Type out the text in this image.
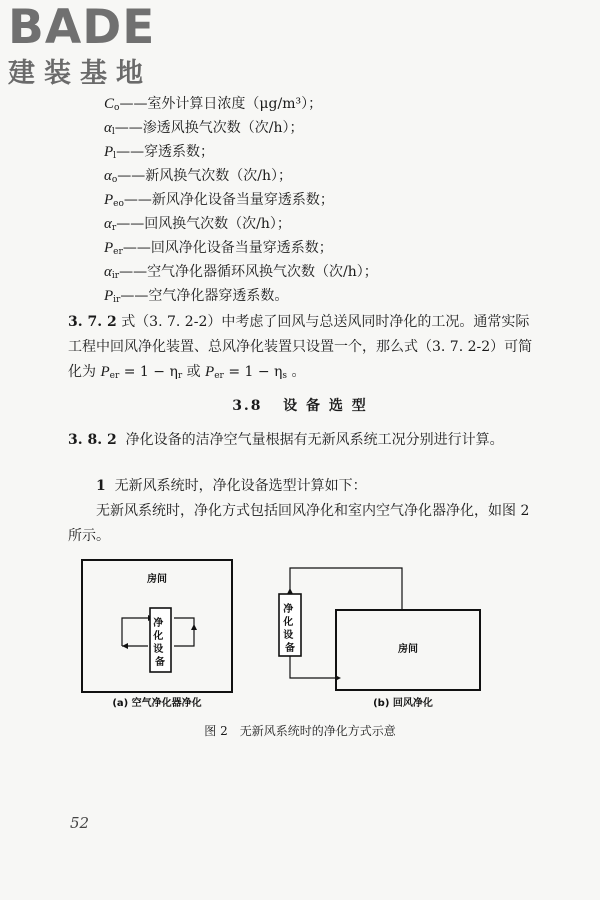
BADE
建装基地
$C_o——$室外计算日浓度（μg/m³）；
$\alpha_l——$渗透风换气次数（次/h）；
$P_l——$穿透系数；
$\alpha_o——$新风换气次数（次/h）；
$P_{eo}——$新风净化设备当量穿透系数；
$\alpha_r——$回风换气次数（次/h）；
$P_{er}——$回风净化设备当量穿透系数；
$\alpha_{ir}——$空气净化器循环风换气次数（次/h）；
$P_{ir}——$空气净化器穿透系数。
3. 7. 2 式（3. 7. 2-2）中考虑了回风与总送风同时净化的工况。通常实际工程中回风净化装置、总风净化装置只设置一个，那么式（3. 7. 2-2）可简化为 $P_{er} = 1 - \eta_r$ 或 $P_{er} = 1 - \eta_s$ 。
3.8 设 备 选 型
3. 8. 2 净化设备的洁净空气量根据有无新风系统工况分别进行计算。
1 无新风系统时，净化设备选型计算如下：
无新风系统时，净化方式包括回风净化和室内空气净化器净化，如图 2 所示。
房间
净 化 设 备
(a) 空气净化器净化
净 化 设 备	房间
(b) 回风净化
图 2　无新风系统时的净化方式示意
52
